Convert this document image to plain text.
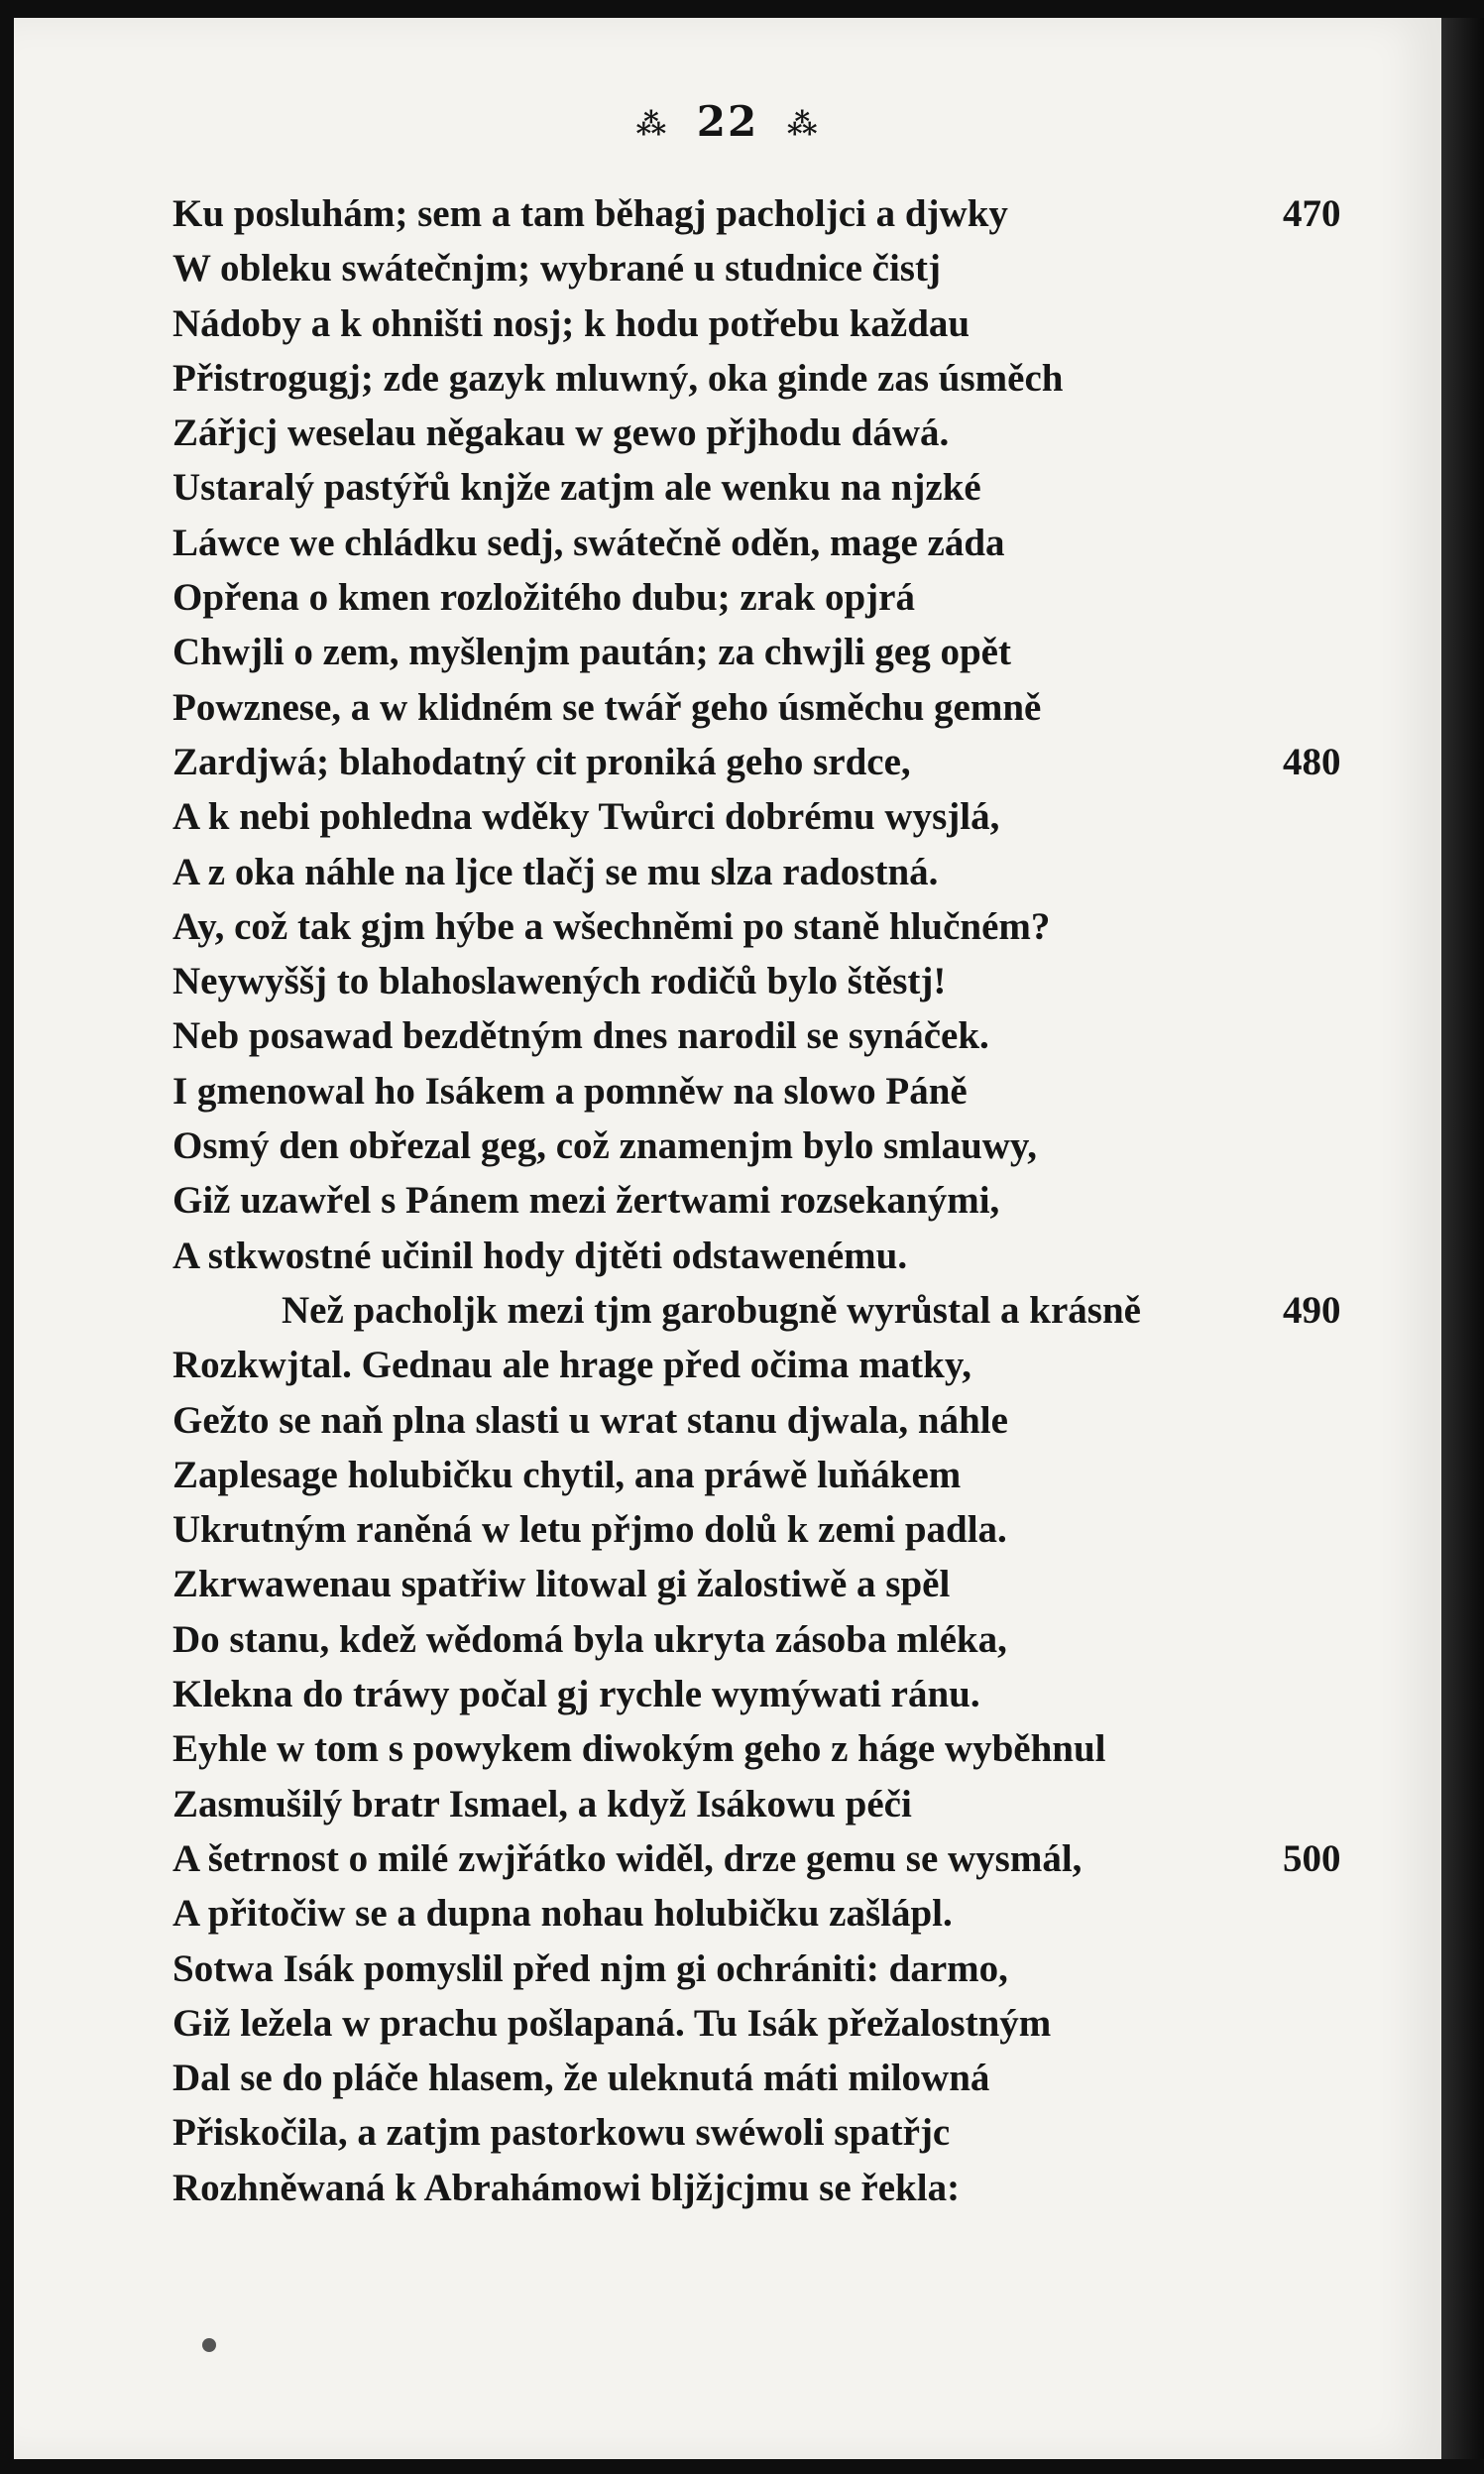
⁂ 22 ⁂
Ku posluhám; sem a tam běhagj pacholjci a djwky	470
W obleku swátečnjm; wybrané u studnice čistj
Nádoby a k ohništi nosj; k hodu potřebu každau
Přistrogugj; zde gazyk mluwný, oka ginde zas úsměch
Zářjcj weselau něgakau w gewo přjhodu dáwá.
Ustaralý pastýřů knjže zatjm ale wenku na njzké
Láwce we chládku sedj, swátečně oděn, mage záda
Opřena o kmen rozložitého dubu; zrak opjrá
Chwjli o zem, myšlenjm paután; za chwjli geg opět
Powznese, a w klidném se twář geho úsměchu gemně
Zardjwá; blahodatný cit proniká geho srdce,	480
A k nebi pohledna wděky Twůrci dobrému wysjlá,
A z oka náhle na ljce tlačj se mu slza radostná.
Ay, což tak gjm hýbe a wšechněmi po staně hlučném?
Neywyššj to blahoslawených rodičů bylo štěstj!
Neb posawad bezdětným dnes narodil se synáček.
I gmenowal ho Isákem a pomněw na slowo Páně
Osmý den obřezal geg, což znamenjm bylo smlauwy,
Giž uzawřel s Pánem mezi žertwami rozsekanými,
A stkwostné učinil hody djtěti odstawenému.
Než pacholjk mezi tjm garobugně wyrůstal a krásně	490
Rozkwjtal. Gednau ale hrage před očima matky,
Gežto se naň plna slasti u wrat stanu djwala, náhle
Zaplesage holubičku chytil, ana práwě luňákem
Ukrutným raněná w letu přjmo dolů k zemi padla.
Zkrwawenau spatřiw litowal gi žalostiwě a spěl
Do stanu, kdež wědomá byla ukryta zásoba mléka,
Klekna do tráwy počal gj rychle wymýwati ránu.
Eyhle w tom s powykem diwokým geho z háge wyběhnul
Zasmušilý bratr Ismael, a když Isákowu péči
A šetrnost o milé zwjřátko widěl, drze gemu se wysmál,	500
A přitočiw se a dupna nohau holubičku zašlápl.
Sotwa Isák pomyslil před njm gi ochrániti: darmo,
Giž ležela w prachu pošlapaná. Tu Isák přežalostným
Dal se do pláče hlasem, že uleknutá máti milowná
Přiskočila, a zatjm pastorkowu swéwoli spatřjc
Rozhněwaná k Abrahámowi bljžjcjmu se řekla:
